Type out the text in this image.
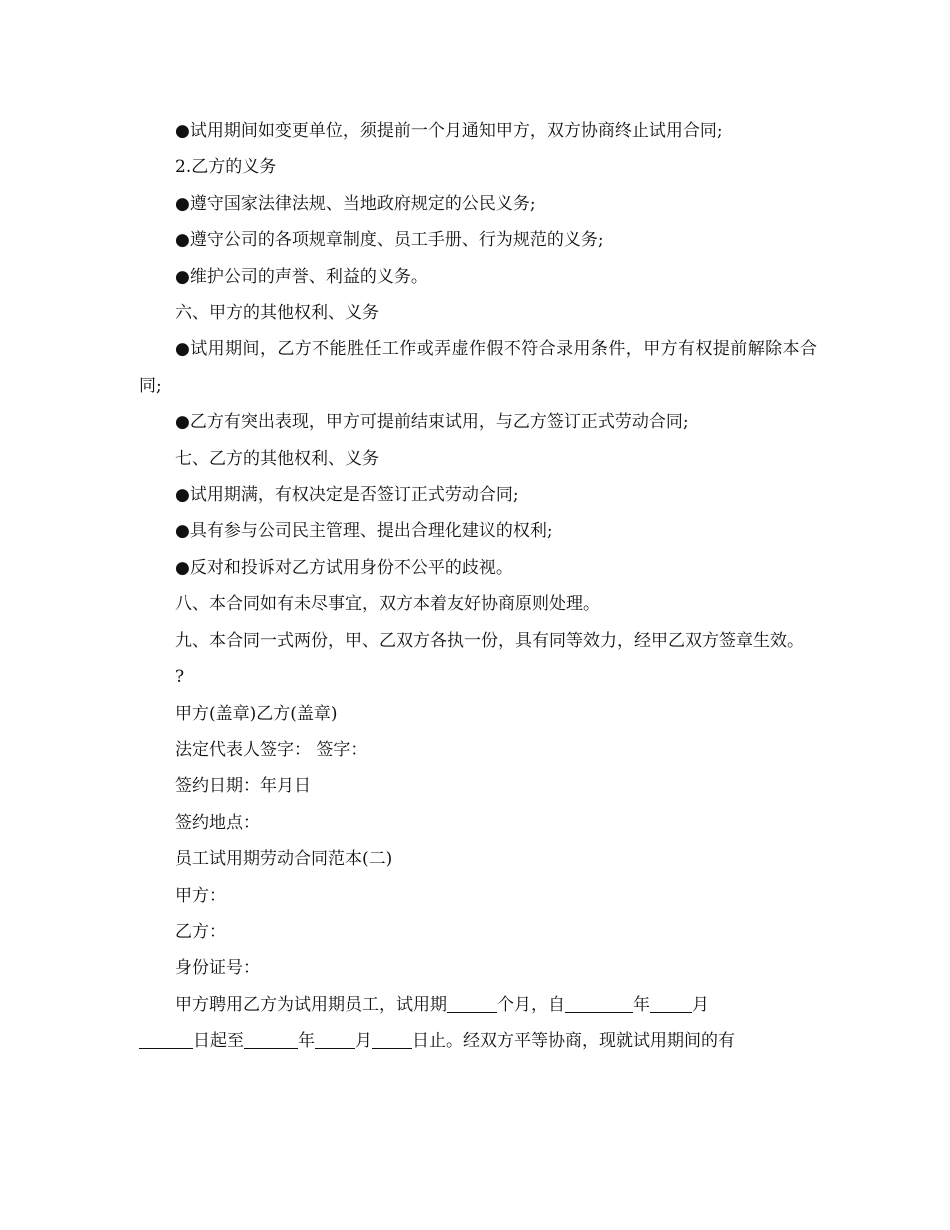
●试用期间如变更单位，须提前一个月通知甲方，双方协商终止试用合同;

2.乙方的义务

●遵守国家法律法规、当地政府规定的公民义务;

●遵守公司的各项规章制度、员工手册、行为规范的义务;

●维护公司的声誉、利益的义务。

六、甲方的其他权利、义务

●试用期间，乙方不能胜任工作或弄虚作假不符合录用条件，甲方有权提前解除本合同;

●乙方有突出表现，甲方可提前结束试用，与乙方签订正式劳动合同;

七、乙方的其他权利、义务

●试用期满，有权决定是否签订正式劳动合同;

●具有参与公司民主管理、提出合理化建议的权利;

●反对和投诉对乙方试用身份不公平的歧视。

八、本合同如有未尽事宜，双方本着友好协商原则处理。

九、本合同一式两份，甲、乙双方各执一份，具有同等效力，经甲乙双方签章生效。

?

甲方(盖章)乙方(盖章)

法定代表人签字： 签字：

签约日期：年月日

签约地点：

员工试用期劳动合同范本(二)

甲方：

乙方：

身份证号：

甲方聘用乙方为试用期员工，试用期	个月，自	年 月
日起至	年 月 日止。经双方平等协商，现就试用期间的有
